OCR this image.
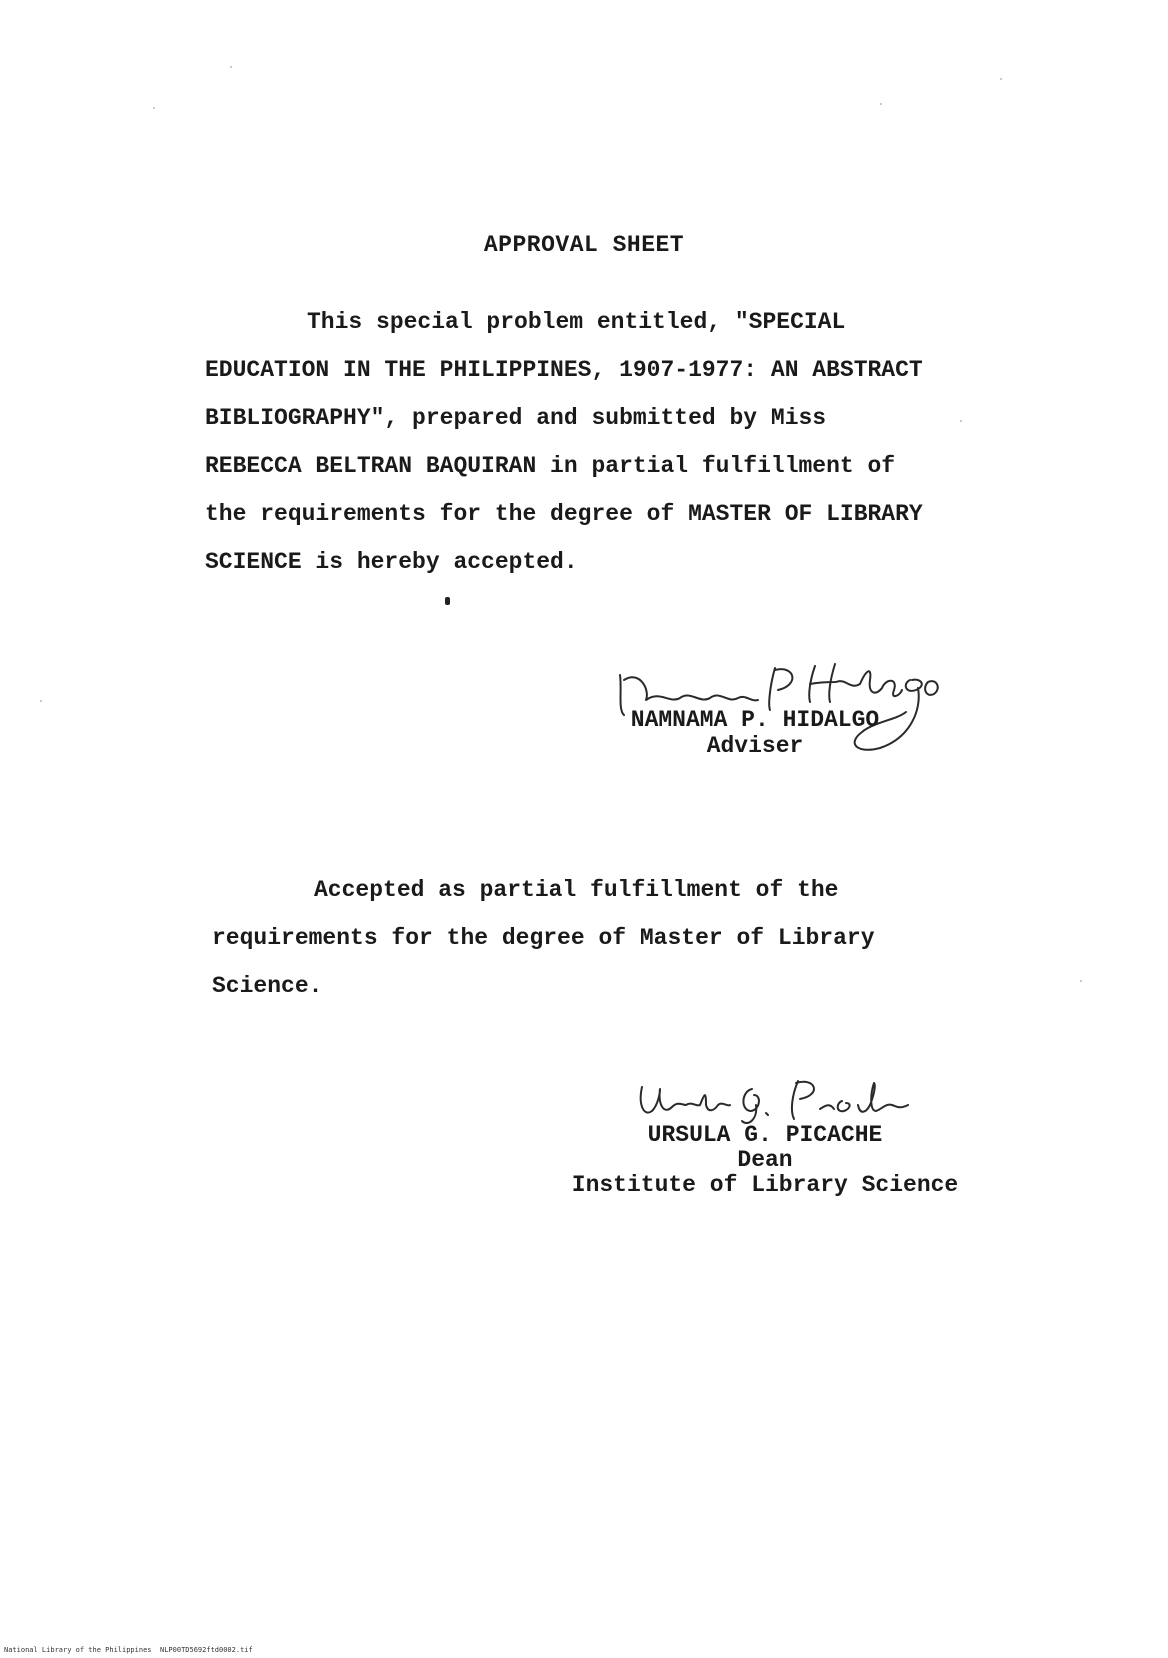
APPROVAL SHEET
This special problem entitled, "SPECIAL
EDUCATION IN THE PHILIPPINES, 1907-1977: AN ABSTRACT
BIBLIOGRAPHY", prepared and submitted by Miss
REBECCA BELTRAN BAQUIRAN in partial fulfillment of
the requirements for the degree of MASTER OF LIBRARY
SCIENCE is hereby accepted.
NAMNAMA P. HIDALGO
Adviser
Accepted as partial fulfillment of the
requirements for the degree of Master of Library
Science.
URSULA G. PICACHE
Dean
Institute of Library Science
National Library of the Philippines NLP00TD5692ftd0002.tif
